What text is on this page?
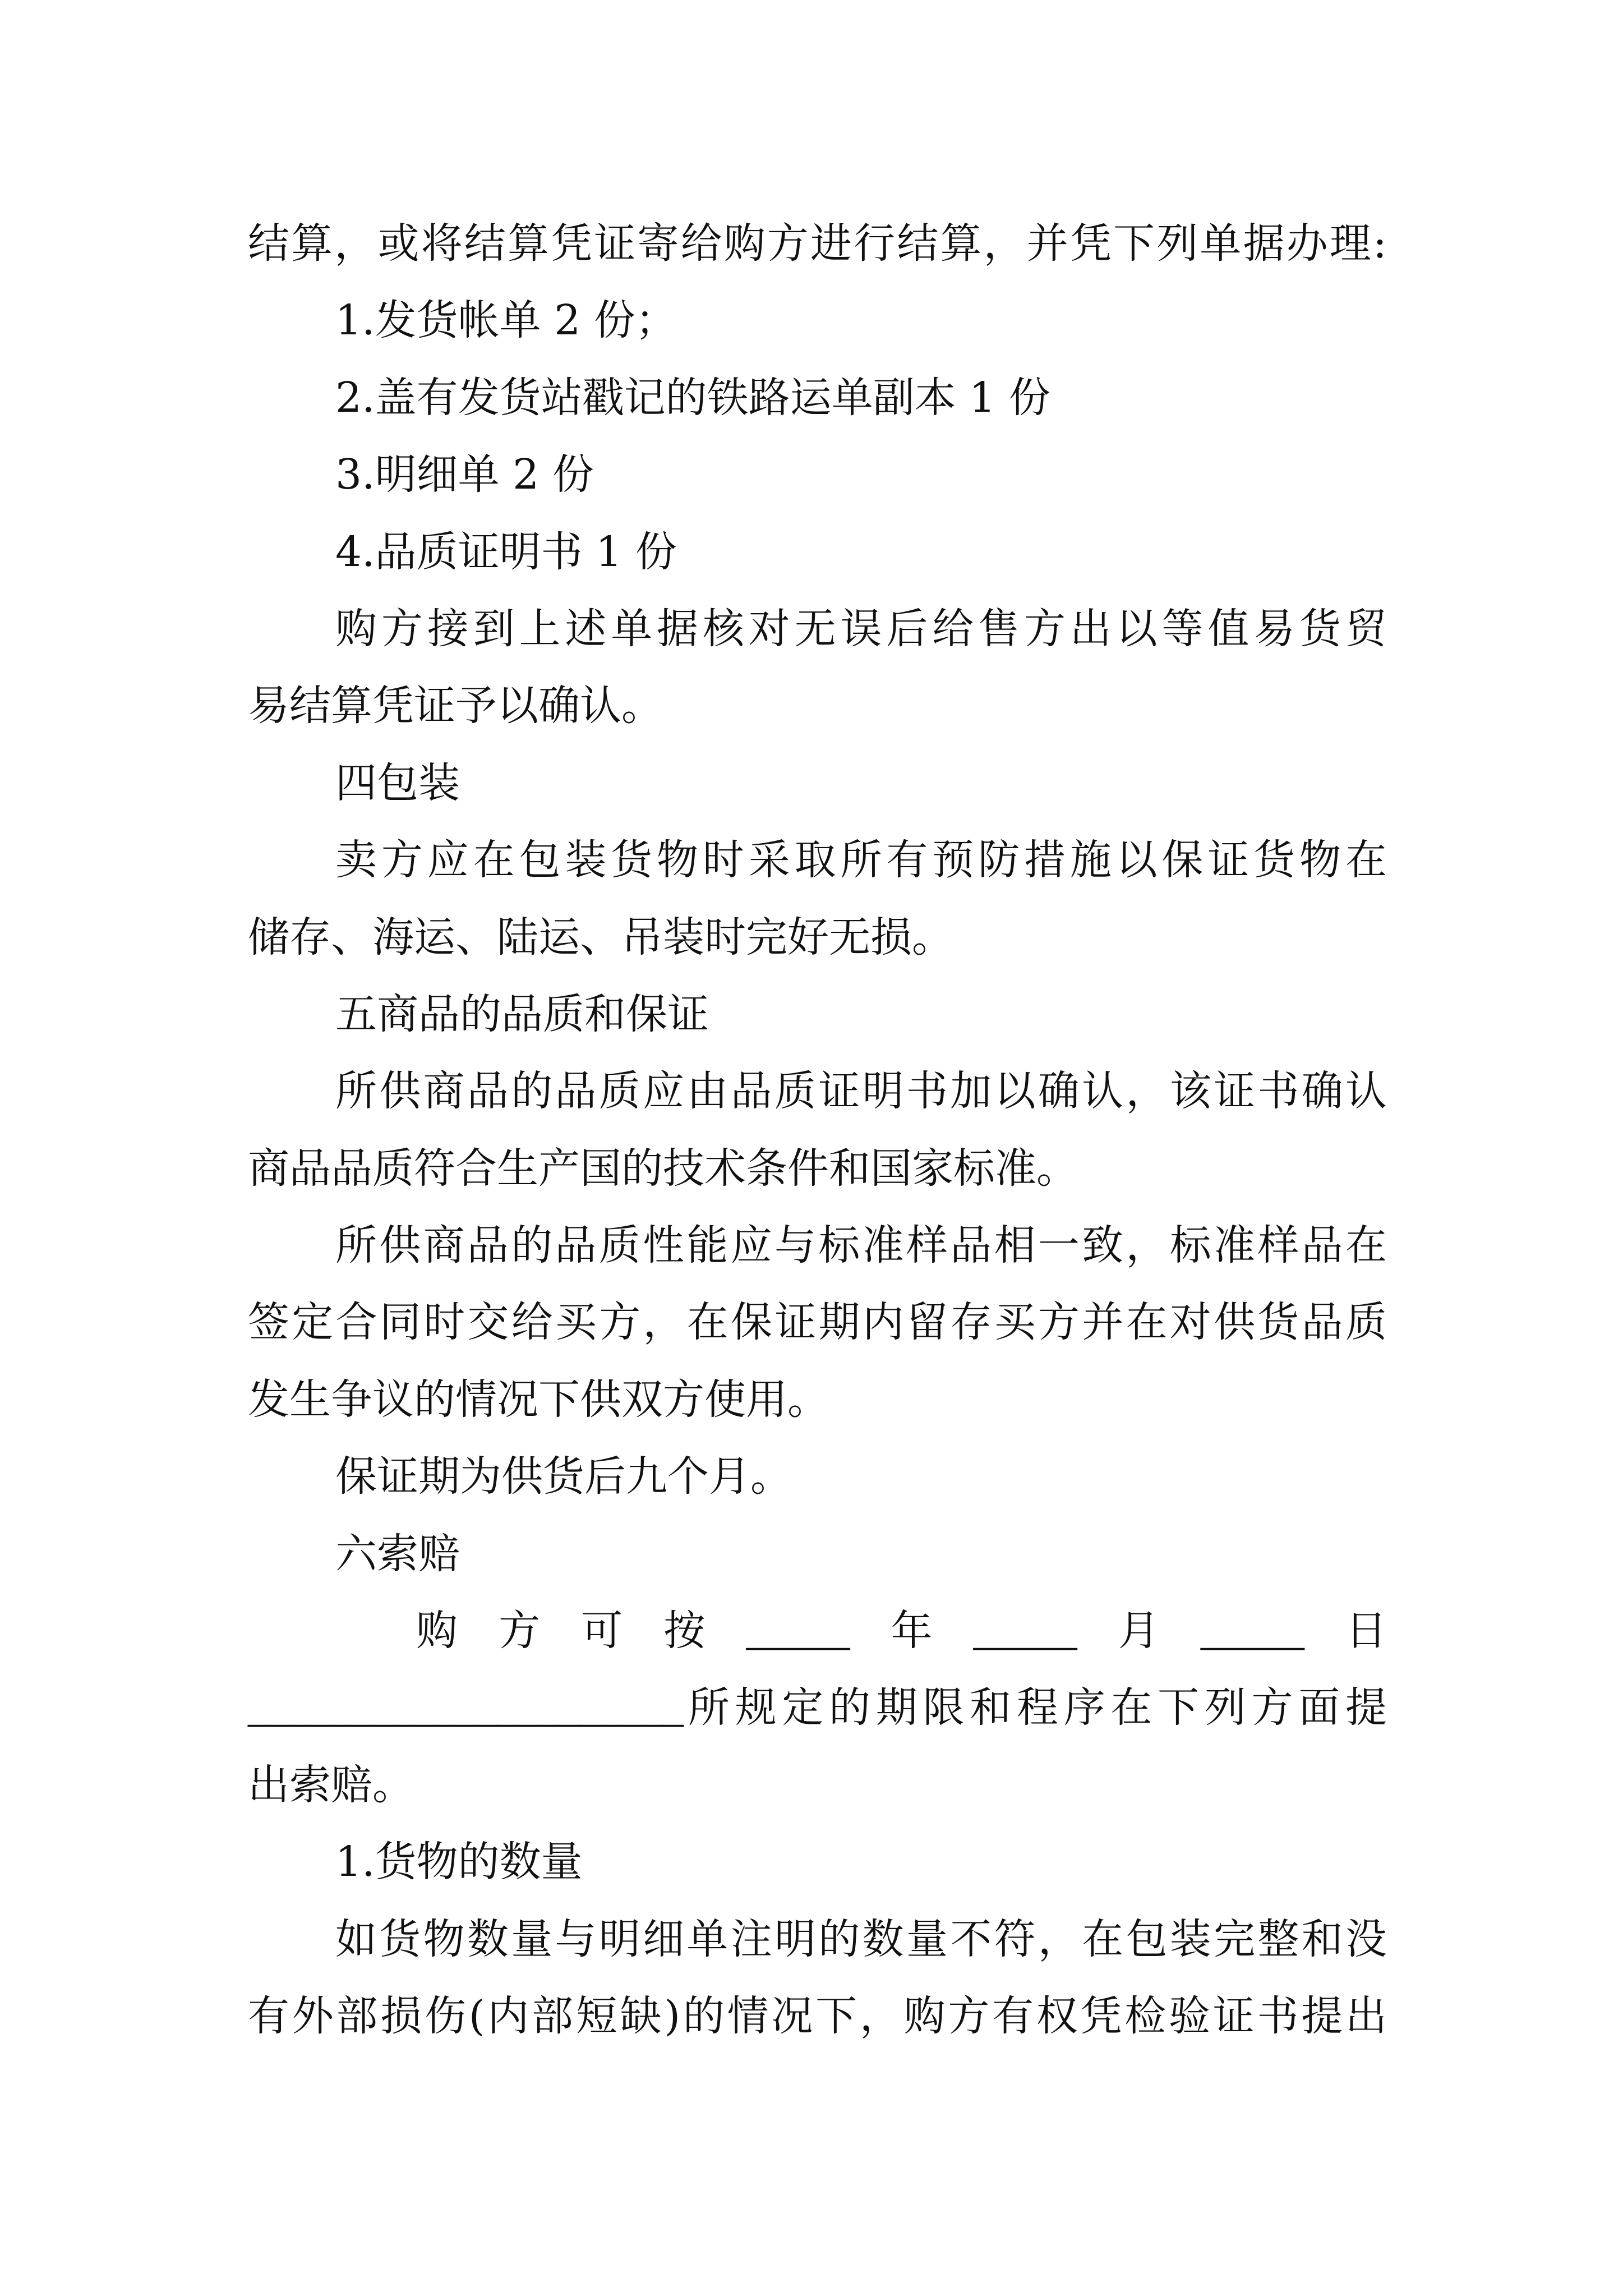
结算，或将结算凭证寄给购方进行结算，并凭下列单据办理:
1.发货帐单 2 份；
2.盖有发货站戳记的铁路运单副本 1 份
3.明细单 2 份
4.品质证明书 1 份
购方接到上述单据核对无误后给售方出以等值易货贸
易结算凭证予以确认。
四包装
卖方应在包装货物时采取所有预防措施以保证货物在
储存、海运、陆运、吊装时完好无损。
五商品的品质和保证
所供商品的品质应由品质证明书加以确认，该证书确认
商品品质符合生产国的技术条件和国家标准。
所供商品的品质性能应与标准样品相一致，标准样品在
签定合同时交给买方，在保证期内留存买方并在对供货品质
发生争议的情况下供双方使用。
保证期为供货后九个月。
六索赔
购 方 可 按 _____ 年 _____ 月 _____ 日
_____________________ 所规定的期限和程序在下列方面提
出索赔。
1.货物的数量
如货物数量与明细单注明的数量不符，在包装完整和没
有外部损伤(内部短缺)的情况下，购方有权凭检验证书提出
